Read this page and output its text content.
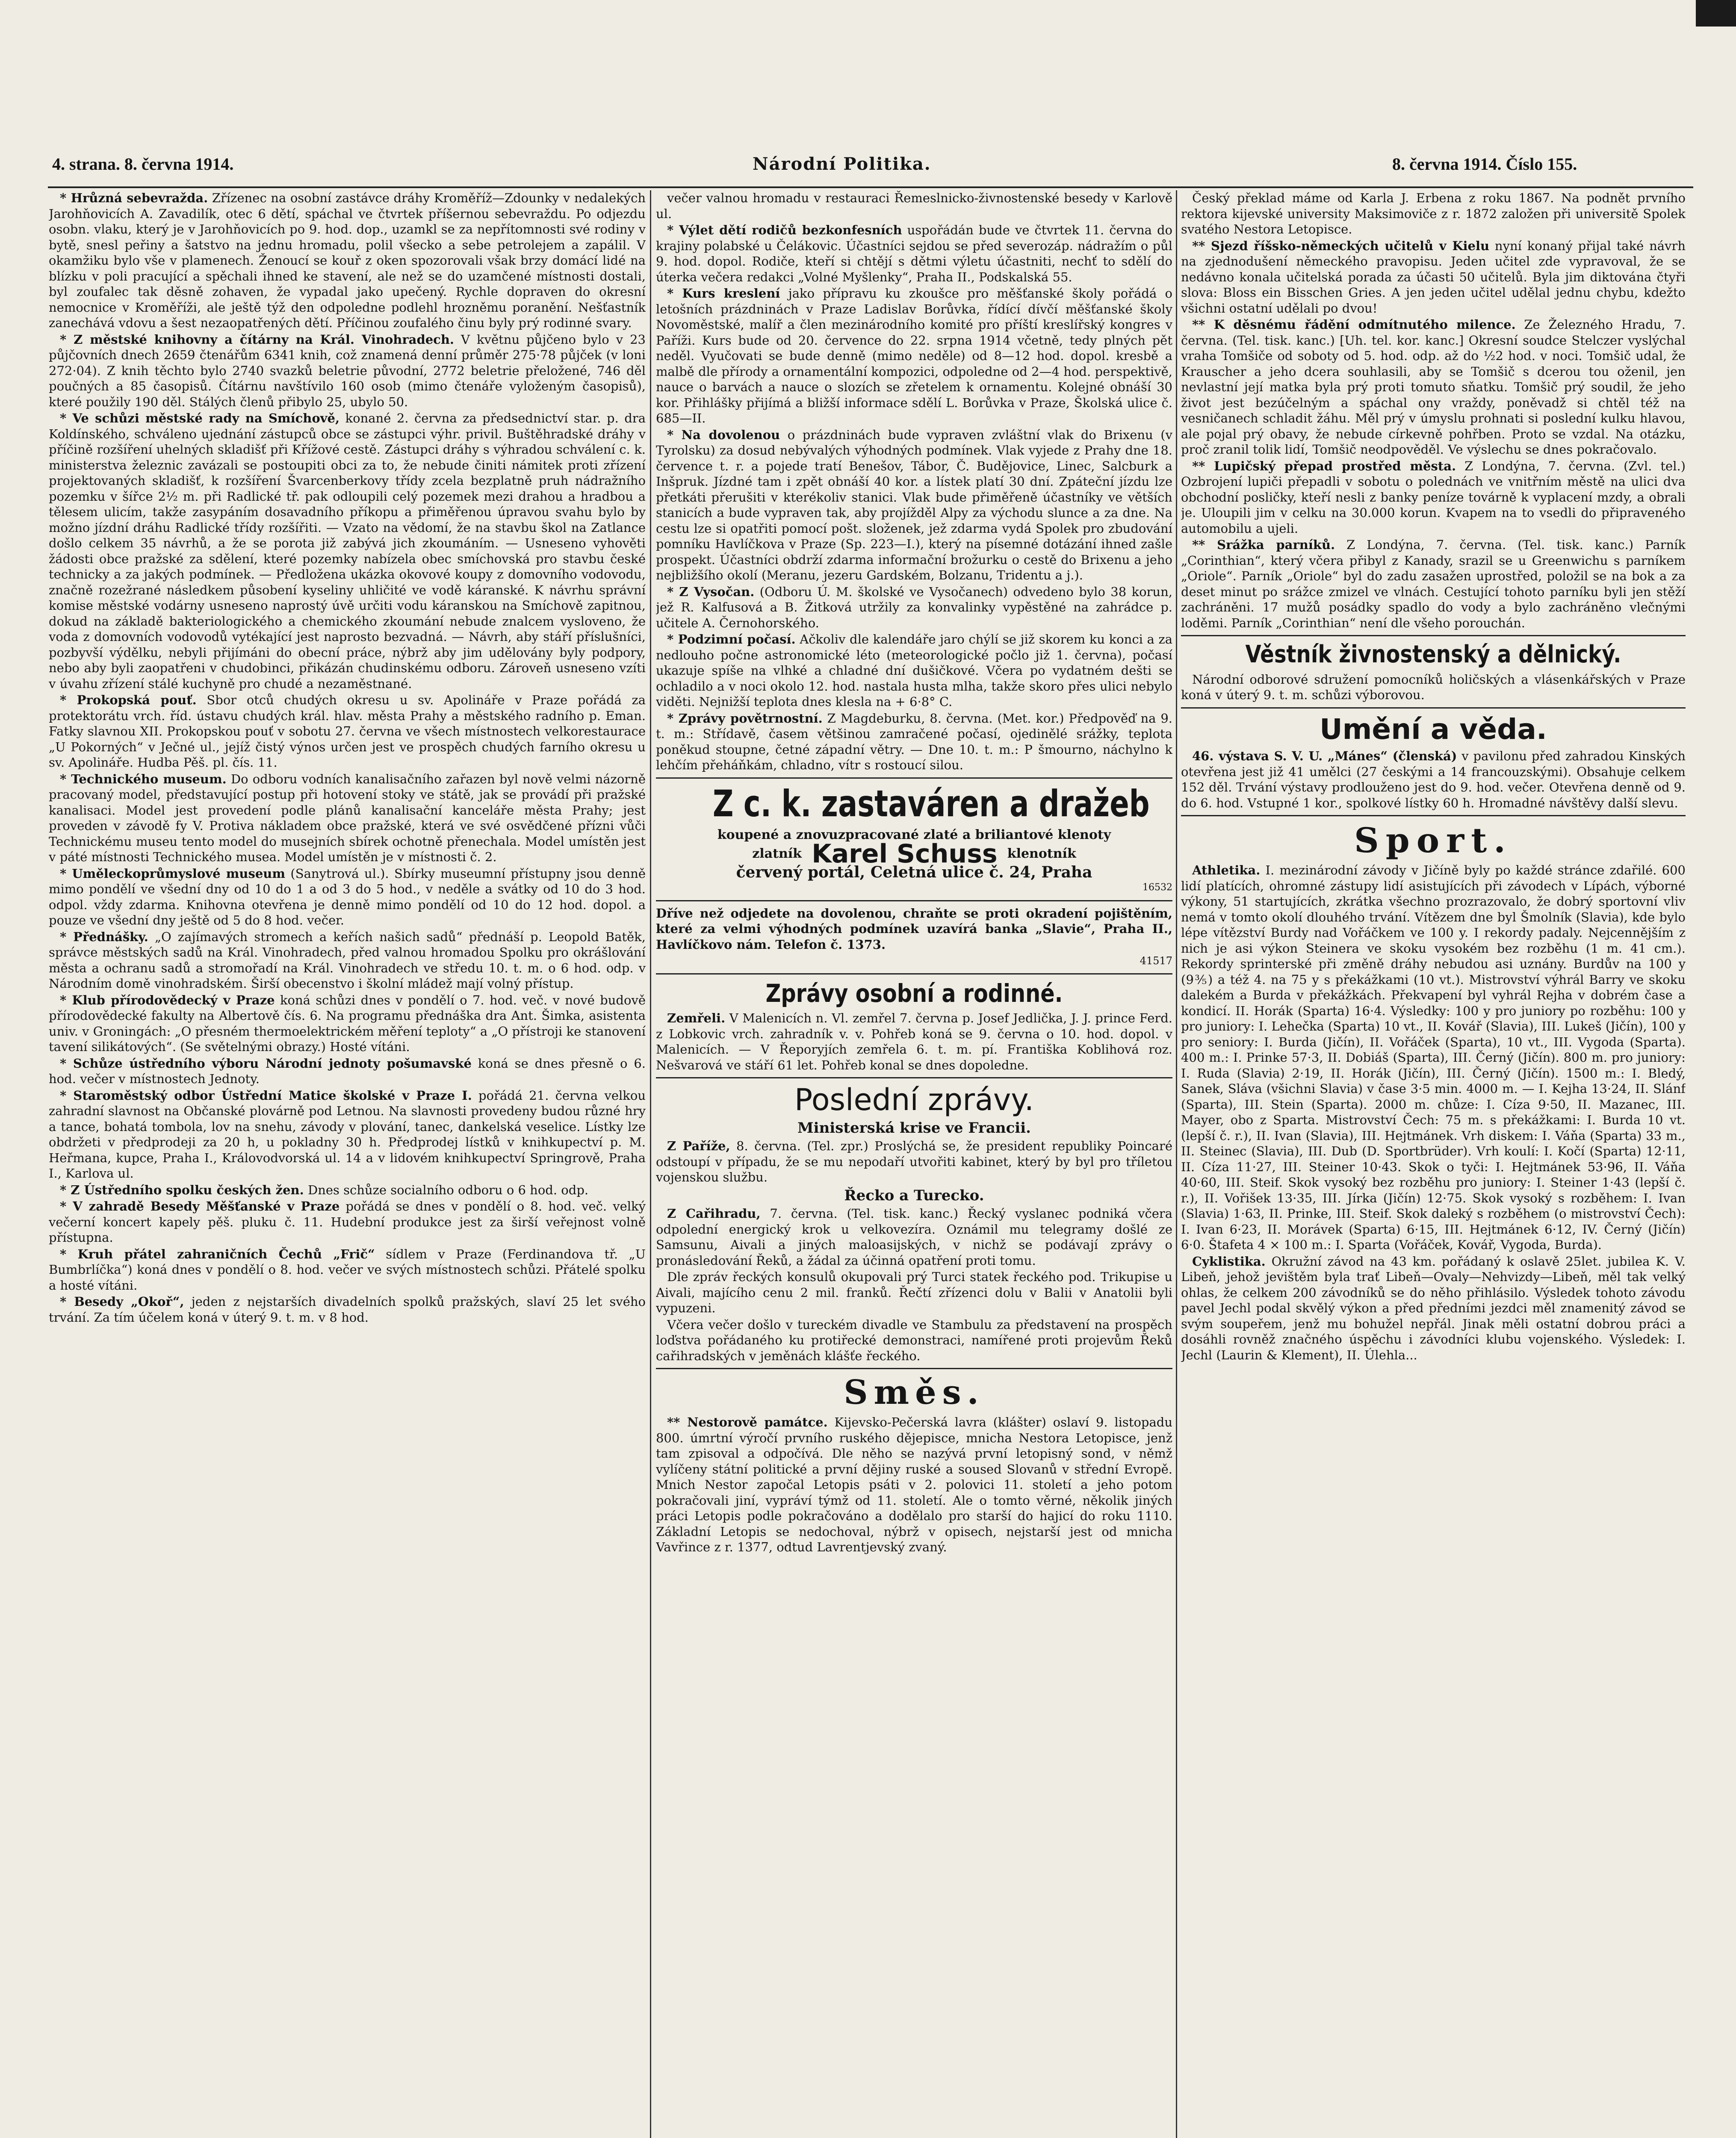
4. strana. 8. června 1914.	Národní Politika.	8. června 1914. Číslo 155.

* Hrůzná sebevražda. Zřízenec na osobní zastávce dráhy Kroměříž—Zdounky v nedalekých Jarohňovicích A. Zavadilík, otec 6 dětí, spáchal ve čtvrtek příšernou sebevraždu. Po odjezdu osobn. vlaku, který je v Jarohňovicích po 9. hod. dop., uzamkl se za nepřítomnosti své rodiny v bytě, snesl peřiny a šatstvo na jednu hromadu, polil všecko a sebe petrolejem a zapálil. V okamžiku bylo vše v plamenech. Ženoucí se kouř z oken spozorovali však brzy domácí lidé na blízku v poli pracující a spěchali ihned ke stavení, ale než se do uzamčené místnosti dostali, byl zoufalec tak děsně zohaven, že vypadal jako upečený. Rychle dopraven do okresní nemocnice v Kroměříži, ale ještě týž den odpoledne podlehl hrozněmu poranění. Nešťastník zanechává vdovu a šest nezaopatřených dětí. Příčinou zoufalého činu byly prý rodinné svary.

* Z městské knihovny a čítárny na Král. Vinohradech. V květnu půjčeno bylo v 23 půjčovních dnech 2659 čtenářům 6341 knih, což znamená denní průměr 275·78 půjček (v loni 272·04). Z knih těchto bylo 2740 svazků beletrie původní, 2772 beletrie přeložené, 746 děl poučných a 85 časopisů. Čítárnu navštívilo 160 osob (mimo čtenáře vyloženým časopisů), které použily 190 děl. Stálých členů přibylo 25, ubylo 50.

* Ve schůzi městské rady na Smíchově, konané 2. června za předsednictví star. p. dra Koldínského, schváleno ujednání zástupců obce se zástupci výhr. privil. Buštěhradské dráhy v příčině rozšíření uhelných skladišť při Křížové cestě. Zástupci dráhy s výhradou schválení c. k. ministerstva železnic zavázali se postoupiti obci za to, že nebude činiti námitek proti zřízení projektovaných skladišť, k rozšíření Švarcenberkovy třídy zcela bezplatně pruh nádražního pozemku v šířce 2½ m. při Radlické tř. pak odloupili celý pozemek mezi drahou a hradbou a tělesem ulicím, takže zasypáním dosavadního příkopu a přiměřenou úpravou svahu bylo by možno jízdní dráhu Radlické třídy rozšířiti. — Vzato na vědomí, že na stavbu škol na Zatlance došlo celkem 35 návrhů, a že se porota již zabývá jich zkoumáním. — Usneseno vyhověti žádosti obce pražské za sdělení, které pozemky nabízela obec smíchovská pro stavbu české technicky a za jakých podmínek. — Předložena ukázka okovové koupy z domovního vodovodu, značně rozežrané následkem působení kyseliny uhličité ve vodě káranské. K návrhu správní komise městské vodárny usneseno naprostý úvě určiti vodu káranskou na Smíchově zapitnou, dokud na základě bakteriologického a chemického zkoumání nebude znalcem vysloveno, že voda z domovních vodovodů vytékající jest naprosto bezvadná. — Návrh, aby stáří příslušníci, pozbyvší výdělku, nebyli přijímáni do obecní práce, nýbrž aby jim udělovány byly podpory, nebo aby byli zaopatřeni v chudobinci, přikázán chudinskému odboru. Zároveň usneseno vzíti v úvahu zřízení stálé kuchyně pro chudé a nezaměstnané.

* Prokopská pouť. Sbor otců chudých okresu u sv. Apolináře v Praze pořádá za protektorátu vrch. říd. ústavu chudých král. hlav. města Prahy a městského radního p. Eman. Fatky slavnou XII. Prokopskou pouť v sobotu 27. června ve všech místnostech velkorestaurace „U Pokorných“ v Ječné ul., jejíž čistý výnos určen jest ve prospěch chudých farního okresu u sv. Apolináře. Hudba Pěš. pl. čís. 11.

* Technického museum. Do odboru vodních kanalisačního zařazen byl nově velmi názorně pracovaný model, představující postup při hotovení stoky ve státě, jak se provádí při pražské kanalisaci. Model jest provedení podle plánů kanalisační kanceláře města Prahy; jest proveden v závodě fy V. Protiva nákladem obce pražské, která ve své osvědčené přízni vůči Technickému museu tento model do musejních sbírek ochotně přenechala. Model umístěn jest v páté místnosti Technického musea. Model umístěn je v místnosti č. 2.

* Uměleckoprůmyslové museum (Sanytrová ul.). Sbírky museumní přístupny jsou denně mimo pondělí ve všední dny od 10 do 1 a od 3 do 5 hod., v neděle a svátky od 10 do 3 hod. odpol. vždy zdarma. Knihovna otevřena je denně mimo pondělí od 10 do 12 hod. dopol. a pouze ve všední dny ještě od 5 do 8 hod. večer.

* Přednášky. „O zajímavých stromech a keřích našich sadů“ přednáší p. Leopold Batěk, správce městských sadů na Král. Vinohradech, před valnou hromadou Spolku pro okrášlování města a ochranu sadů a stromořadí na Král. Vinohradech ve středu 10. t. m. o 6 hod. odp. v Národním domě vinohradském. Širší obecenstvo i školní mládež mají volný přístup.

* Klub přírodovědecký v Praze koná schůzi dnes v pondělí o 7. hod. več. v nové budově přírodovědecké fakulty na Albertově čís. 6. Na programu přednáška dra Ant. Šimka, asistenta univ. v Groningách: „O přesném thermoelektrickém měření teploty“ a „O přístroji ke stanovení tavení silikátových“. (Se světelnými obrazy.) Hosté vítáni.

* Schůze ústředního výboru Národní jednoty pošumavské koná se dnes přesně o 6. hod. večer v místnostech Jednoty.

* Staroměstský odbor Ústřední Matice školské v Praze I. pořádá 21. června velkou zahradní slavnost na Občanské plovárně pod Letnou. Na slavnosti provedeny budou různé hry a tance, bohatá tombola, lov na snehu, závody v plování, tanec, dankelská veselice. Lístky lze obdržeti v předprodeji za 20 h, u pokladny 30 h. Předprodej lístků v knihkupectví p. M. Heřmana, kupce, Praha I., Královodvorská ul. 14 a v lidovém knihkupectví Springrově, Praha I., Karlova ul.

* Z Ústředního spolku českých žen. Dnes schůze socialního odboru o 6 hod. odp.

* V zahradě Besedy Měšťanské v Praze pořádá se dnes v pondělí o 8. hod. več. velký večerní koncert kapely pěš. pluku č. 11. Hudební produkce jest za širší veřejnost volně přístupna.

* Kruh přátel zahraničních Čechů „Frič“ sídlem v Praze (Ferdinandova tř. „U Bumbrlíčka“) koná dnes v pondělí o 8. hod. večer ve svých místnostech schůzi. Přátelé spolku a hosté vítáni.

* Besedy „Okoř“, jeden z nejstarších divadelních spolků pražských, slaví 25 let svého trvání. Za tím účelem koná v úterý 9. t. m. v 8 hod.

večer valnou hromadu v restauraci Řemeslnicko-živnostenské besedy v Karlově ul.

* Výlet dětí rodičů bezkonfesních uspořádán bude ve čtvrtek 11. června do krajiny polabské u Čelákovic. Účastníci sejdou se před severozáp. nádražím o půl 9. hod. dopol. Rodiče, kteří si chtějí s dětmi výletu účastniti, nechť to sdělí do úterka večera redakci „Volné Myšlenky“, Praha II., Podskalská 55.

* Kurs kreslení jako přípravu ku zkoušce pro měšťanské školy pořádá o letošních prázdninách v Praze Ladislav Borůvka, řídící dívčí měšťanské školy Novoměstské, malíř a člen mezinárodního komité pro příští kreslířský kongres v Paříži. Kurs bude od 20. července do 22. srpna 1914 včetně, tedy plných pět neděl. Vyučovati se bude denně (mimo neděle) od 8—12 hod. dopol. kresbě a malbě dle přírody a ornamentální kompozici, odpoledne od 2—4 hod. perspektivě, nauce o barvách a nauce o slozích se zřetelem k ornamentu. Kolejné obnáší 30 kor. Přihlášky přijímá a bližší informace sdělí L. Borůvka v Praze, Školská ulice č. 685—II.

* Na dovolenou o prázdninách bude vypraven zvláštní vlak do Brixenu (v Tyrolsku) za dosud nebývalých výhodných podmínek. Vlak vyjede z Prahy dne 18. července t. r. a pojede tratí Benešov, Tábor, Č. Budějovice, Linec, Salcburk a Inšpruk. Jízdné tam i zpět obnáší 40 kor. a lístek platí 30 dní. Zpáteční jízdu lze přetkáti přerušiti v kterékoliv stanici. Vlak bude přiměřeně účastníky ve větších stanicích a bude vypraven tak, aby projížděl Alpy za východu slunce a za dne. Na cestu lze si opatřiti pomocí pošt. složenek, jež zdarma vydá Spolek pro zbudování pomníku Havlíčkova v Praze (Sp. 223—I.), který na písemné dotázání ihned zašle prospekt. Účastníci obdrží zdarma informační brožurku o cestě do Brixenu a jeho nejbližšího okolí (Meranu, jezeru Gardském, Bolzanu, Tridentu a j.).

* Z Vysočan. (Odboru Ú. M. školské ve Vysočanech) odvedeno bylo 38 korun, jež R. Kalfusová a B. Žitková utržily za konvalinky vypěstěné na zahrádce p. učitele A. Černohorského.

* Podzimní počasí. Ačkoliv dle kalendáře jaro chýlí se již skorem ku konci a za nedlouho počne astronomické léto (meteorologické počlo již 1. června), počasí ukazuje spíše na vlhké a chladné dní dušičkové. Včera po vydatném dešti se ochladilo a v noci okolo 12. hod. nastala husta mlha, takže skoro přes ulici nebylo viděti. Nejnižší teplota dnes klesla na + 6·8° C.

* Zprávy povětrnostní. Z Magdeburku, 8. června. (Met. kor.) Předpověď na 9. t. m.: Střídavě, časem většinou zamračené počasí, ojedinělé srážky, teplota poněkud stoupne, četné západní větry. — Dne 10. t. m.: P šmourno, náchylno k lehčím přeháňkám, chladno, vítr s rostoucí silou.

Z c. k. zastaváren a dražeb
koupené a znovuzpracované zlaté a briliantové klenoty
zlatník Karel Schuss klenotník
červený portál, Celetná ulice č. 24, Praha
16532
Dříve než odjedete na dovolenou, chraňte se proti okradení pojištěním, které za velmi výhodných podmínek uzavírá banka „Slavie“, Praha II., Havlíčkovo nám. Telefon č. 1373.
41517
Zprávy osobní a rodinné.

Zemřeli. V Malenicích n. Vl. zemřel 7. června p. Josef Jedlička, J. J. prince Ferd. z Lobkovic vrch. zahradník v. v. Pohřeb koná se 9. června o 10. hod. dopol. v Malenicích. — V Řeporyjích zemřela 6. t. m. pí. Františka Koblihová roz. Nešvarová ve stáří 61 let. Pohřeb konal se dnes dopoledne.

Poslední zprávy.
Ministerská krise ve Francii.

Z Paříže, 8. června. (Tel. zpr.) Proslýchá se, že president republiky Poincaré odstoupí v případu, že se mu nepodaří utvořiti kabinet, který by byl pro tříletou vojenskou službu.

Řecko a Turecko.

Z Cařihradu, 7. června. (Tel. tisk. kanc.) Řecký vyslanec podniká včera odpolední energický krok u velkovezíra. Oznámil mu telegramy došlé ze Samsunu, Aivali a jiných maloasijských, v nichž se podávají zprávy o pronásledování Řeků, a žádal za účinná opatření proti tomu.

Dle zpráv řeckých konsulů okupovali prý Turci statek řeckého pod. Trikupise u Aivali, majícího cenu 2 mil. franků. Řečtí zřízenci dolu v Balii v Anatolii byli vypuzeni.

Včera večer došlo v tureckém divadle ve Stambulu za představení na prospěch loďstva pořádaného ku protiřecké demonstraci, namířené proti projevům Řeků cařihradských v jeměnách klášťe řeckého.

Směs.

** Nestorově památce. Kijevsko-Pečerská lavra (klášter) oslaví 9. listopadu 800. úmrtní výročí prvního ruského dějepisce, mnicha Nestora Letopisce, jenž tam zpisoval a odpočívá. Dle něho se nazývá první letopisný sond, v němž vylíčeny státní politické a první dějiny ruské a soused Slovanů v střední Evropě. Mnich Nestor započal Letopis psáti v 2. polovici 11. století a jeho potom pokračovali jiní, vypráví týmž od 11. století. Ale o tomto věrné, několik jiných práci Letopis podle pokračováno a dodělalo pro starší do hajicí do roku 1110. Základní Letopis se nedochoval, nýbrž v opisech, nejstarší jest od mnicha Vavřince z r. 1377, odtud Lavrentjevský zvaný.

Český překlad máme od Karla J. Erbena z roku 1867. Na podnět prvního rektora kijevské university Maksimoviče z r. 1872 založen při universitě Spolek svatého Nestora Letopisce.

** Sjezd říšsko-německých učitelů v Kielu nyní konaný přijal také návrh na zjednodušení německého pravopisu. Jeden učitel zde vypravoval, že se nedávno konala učitelská porada za účasti 50 učitelů. Byla jim diktována čtyři slova: Bloss ein Bisschen Gries. A jen jeden učitel udělal jednu chybu, kdežto všichni ostatní udělali po dvou!

** K děsnému řádění odmítnutého milence. Ze Železného Hradu, 7. června. (Tel. tisk. kanc.) [Uh. tel. kor. kanc.] Okresní soudce Stelczer vyslýchal vraha Tomšiče od soboty od 5. hod. odp. až do ½2 hod. v noci. Tomšič udal, že Krauscher a jeho dcera souhlasili, aby se Tomšič s dcerou tou oženil, jen nevlastní její matka byla prý proti tomuto sňatku. Tomšič prý soudil, že jeho život jest bezúčelným a spáchal ony vraždy, poněvadž si chtěl též na vesničanech schladit žáhu. Měl prý v úmyslu prohnati si poslední kulku hlavou, ale pojal prý obavy, že nebude církevně pohřben. Proto se vzdal. Na otázku, proč zranil tolik lidí, Tomšič neodpověděl. Ve výslechu se dnes pokračovalo.

** Lupičský přepad prostřed města. Z Londýna, 7. června. (Zvl. tel.) Ozbrojení lupiči přepadli v sobotu o polednách ve vnitřním městě na ulici dva obchodní posličky, kteří nesli z banky peníze továrně k vyplacení mzdy, a obrali je. Uloupili jim v celku na 30.000 korun. Kvapem na to vsedli do připraveného automobilu a ujeli.

** Srážka parníků. Z Londýna, 7. června. (Tel. tisk. kanc.) Parník „Corinthian“, který včera přibyl z Kanady, srazil se u Greenwichu s parníkem „Oriole“. Parník „Oriole“ byl do zadu zasažen uprostřed, položil se na bok a za deset minut po srážce zmizel ve vlnách. Cestující tohoto parníku byli jen stěží zachráněni. 17 mužů posádky spadlo do vody a bylo zachráněno vlečnými loděmi. Parník „Corinthian“ není dle všeho porouchán.

Věstník živnostenský a dělnický.

Národní odborové sdružení pomocníků holičských a vlásenkářských v Praze koná v úterý 9. t. m. schůzi výborovou.

Umění a věda.

46. výstava S. V. U. „Mánes“ (členská) v pavilonu před zahradou Kinských otevřena jest již 41 umělci (27 českými a 14 francouzskými). Obsahuje celkem 152 děl. Trvání výstavy prodlouženo jest do 9. hod. večer. Otevřena denně od 9. do 6. hod. Vstupné 1 kor., spolkové lístky 60 h. Hromadné návštěvy další slevu.

Sport.

Athletika. I. mezinárodní závody v Jičíně byly po každé stránce zdařilé. 600 lidí platících, ohromné zástupy lidí asistujících při závodech v Lípách, výborné výkony, 51 startujících, zkrátka všechno prozrazovalo, že dobrý sportovní vliv nemá v tomto okolí dlouhého trvání. Vítězem dne byl Šmolník (Slavia), kde bylo lépe vítězství Burdy nad Vořáčkem ve 100 y. I rekordy padaly. Nejcennějším z nich je asi výkon Steinera ve skoku vysokém bez rozběhu (1 m. 41 cm.). Rekordy sprinterské při změně dráhy nebudou asi uznány. Burdův na 100 y (9⅗) a též 4. na 75 y s překážkami (10 vt.). Mistrovství výhrál Barry ve skoku dalekém a Burda v překážkách. Překvapení byl vyhrál Rejha v dobrém čase a kondicí. II. Horák (Sparta) 16·4. Výsledky: 100 y pro juniory po rozběhu: 100 y pro juniory: I. Lehečka (Sparta) 10 vt., II. Kovář (Slavia), III. Lukeš (Jičín), 100 y pro seniory: I. Burda (Jičín), II. Vořáček (Sparta), 10 vt., III. Vygoda (Sparta). 400 m.: I. Prinke 57·3, II. Dobiáš (Sparta), III. Černý (Jičín). 800 m. pro juniory: I. Ruda (Slavia) 2·19, II. Horák (Jičín), III. Černý (Jičín). 1500 m.: I. Bledý, Sanek, Sláva (všichni Slavia) v čase 3·5 min. 4000 m. — I. Kejha 13·24, II. Slánf (Sparta), III. Stein (Sparta). 2000 m. chůze: I. Cíza 9·50, II. Mazanec, III. Mayer, obo z Sparta. Mistrovství Čech: 75 m. s překážkami: I. Burda 10 vt. (lepší č. r.), II. Ivan (Slavia), III. Hejtmánek. Vrh diskem: I. Váňa (Sparta) 33 m., II. Steinec (Slavia), III. Dub (D. Sportbrüder). Vrh koulí: I. Kočí (Sparta) 12·11, II. Cíza 11·27, III. Steiner 10·43. Skok o tyči: I. Hejtmánek 53·96, II. Váňa 40·60, III. Steif. Skok vysoký bez rozběhu pro juniory: I. Steiner 1·43 (lepší č. r.), II. Vořišek 13·35, III. Jírka (Jičín) 12·75. Skok vysoký s rozběhem: I. Ivan (Slavia) 1·63, II. Prinke, III. Steif. Skok daleký s rozběhem (o mistrovství Čech): I. Ivan 6·23, II. Morávek (Sparta) 6·15, III. Hejtmánek 6·12, IV. Černý (Jičín) 6·0. Štafeta 4 × 100 m.: I. Sparta (Vořáček, Kovář, Vygoda, Burda).

Cyklistika. Okružní závod na 43 km. pořádaný k oslavě 25let. jubilea K. V. Libeň, jehož jevištěm byla trať Libeň—Ovaly—Nehvizdy—Libeň, měl tak velký ohlas, že celkem 200 závodníků se do něho přihlásilo. Výsledek tohoto závodu pavel Jechl podal skvělý výkon a před předními jezdci měl znamenitý závod se svým soupeřem, jenž mu bohužel nepřál. Jinak měli ostatní dobrou práci a dosáhli rovněž značného úspěchu i závodníci klubu vojenského. Výsledek: I. Jechl (Laurin & Klement), II. Úlehla...
